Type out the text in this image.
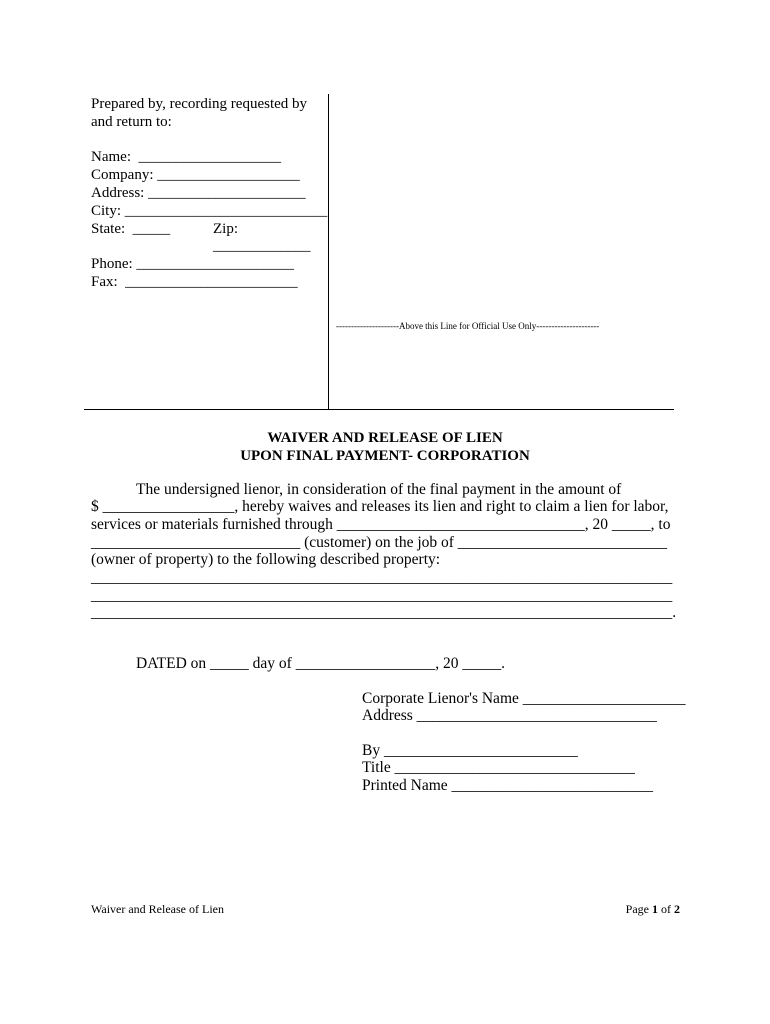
Prepared by, recording requested by
and return to:
Name:  ___________________
Company: ___________________
Address: _____________________
City: ___________________________
State:  _____	Zip:
_____________
Phone: _____________________
Fax:  _______________________
---------------------Above this Line for Official Use Only---------------------
WAIVER AND RELEASE OF LIEN
UPON FINAL PAYMENT- CORPORATION
The undersigned lienor, in consideration of the final payment in the amount of
$ _________________, hereby waives and releases its lien and right to claim a lien for labor,
services or materials furnished through ________________________________, 20 _____, to
___________________________ (customer) on the job of ___________________________
(owner of property) to the following described property:
___________________________________________________________________________
___________________________________________________________________________
___________________________________________________________________________.
DATED on _____ day of __________________, 20 _____.
Corporate Lienor's Name _____________________
Address _______________________________
By _________________________
Title _______________________________
Printed Name __________________________
Waiver and Release of Lien	Page 1 of 2
